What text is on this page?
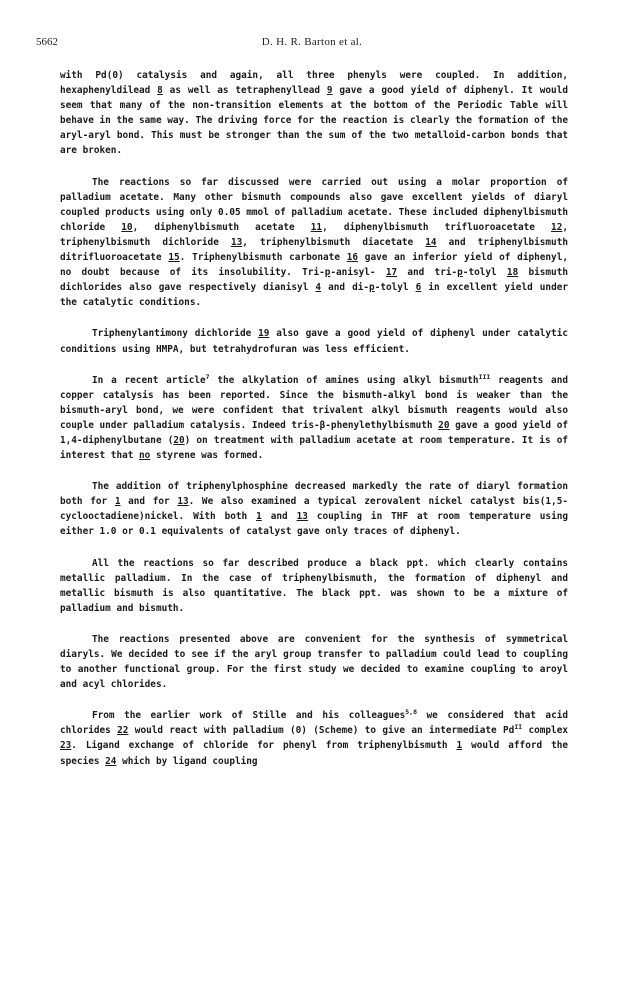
5662	D. H. R. Barton et al.

with Pd(0) catalysis and again, all three phenyls were coupled. In addition, hexaphenyldilead 8 as well as tetraphenyllead 9 gave a good yield of diphenyl. It would seem that many of the non-transition elements at the bottom of the Periodic Table will behave in the same way. The driving force for the reaction is clearly the formation of the aryl-aryl bond. This must be stronger than the sum of the two metalloid-carbon bonds that are broken.

The reactions so far discussed were carried out using a molar proportion of palladium acetate. Many other bismuth compounds also gave excellent yields of diaryl coupled products using only 0.05 mmol of palladium acetate. These included diphenylbismuth chloride 10, diphenylbismuth acetate 11, diphenylbismuth trifluoroacetate 12, triphenylbismuth dichloride 13, triphenylbismuth diacetate 14 and triphenylbismuth ditrifluoroacetate 15. Triphenylbismuth carbonate 16 gave an inferior yield of diphenyl, no doubt because of its insolubility. Tri-p-anisyl- 17 and tri-p-tolyl 18 bismuth dichlorides also gave respectively dianisyl 4 and di-p-tolyl 6 in excellent yield under the catalytic conditions.

Triphenylantimony dichloride 19 also gave a good yield of diphenyl under catalytic conditions using HMPA, but tetrahydrofuran was less efficient.

In a recent article$^7$ the alkylation of amines using alkyl bismuth$^{III}$ reagents and copper catalysis has been reported. Since the bismuth-alkyl bond is weaker than the bismuth-aryl bond, we were confident that trivalent alkyl bismuth reagents would also couple under palladium catalysis. Indeed tris-β-phenylethylbismuth 20 gave a good yield of 1,4-diphenylbutane (20) on treatment with palladium acetate at room temperature. It is of interest that no styrene was formed.

The addition of triphenylphosphine decreased markedly the rate of diaryl formation both for 1 and for 13. We also examined a typical zerovalent nickel catalyst bis(1,5-cyclooctadiene)nickel. With both 1 and 13 coupling in THF at room temperature using either 1.0 or 0.1 equivalents of catalyst gave only traces of diphenyl.

All the reactions so far described produce a black ppt. which clearly contains metallic palladium. In the case of triphenylbismuth, the formation of diphenyl and metallic bismuth is also quantitative. The black ppt. was shown to be a mixture of palladium and bismuth.

The reactions presented above are convenient for the synthesis of symmetrical diaryls. We decided to see if the aryl group transfer to palladium could lead to coupling to another functional group. For the first study we decided to examine coupling to aroyl and acyl chlorides.

From the earlier work of Stille and his colleagues$^{5,8}$ we considered that acid chlorides 22 would react with palladium (0) (Scheme) to give an intermediate $Pd^{II}$ complex 23. Ligand exchange of chloride for phenyl from triphenylbismuth 1 would afford the species 24 which by ligand coupling
